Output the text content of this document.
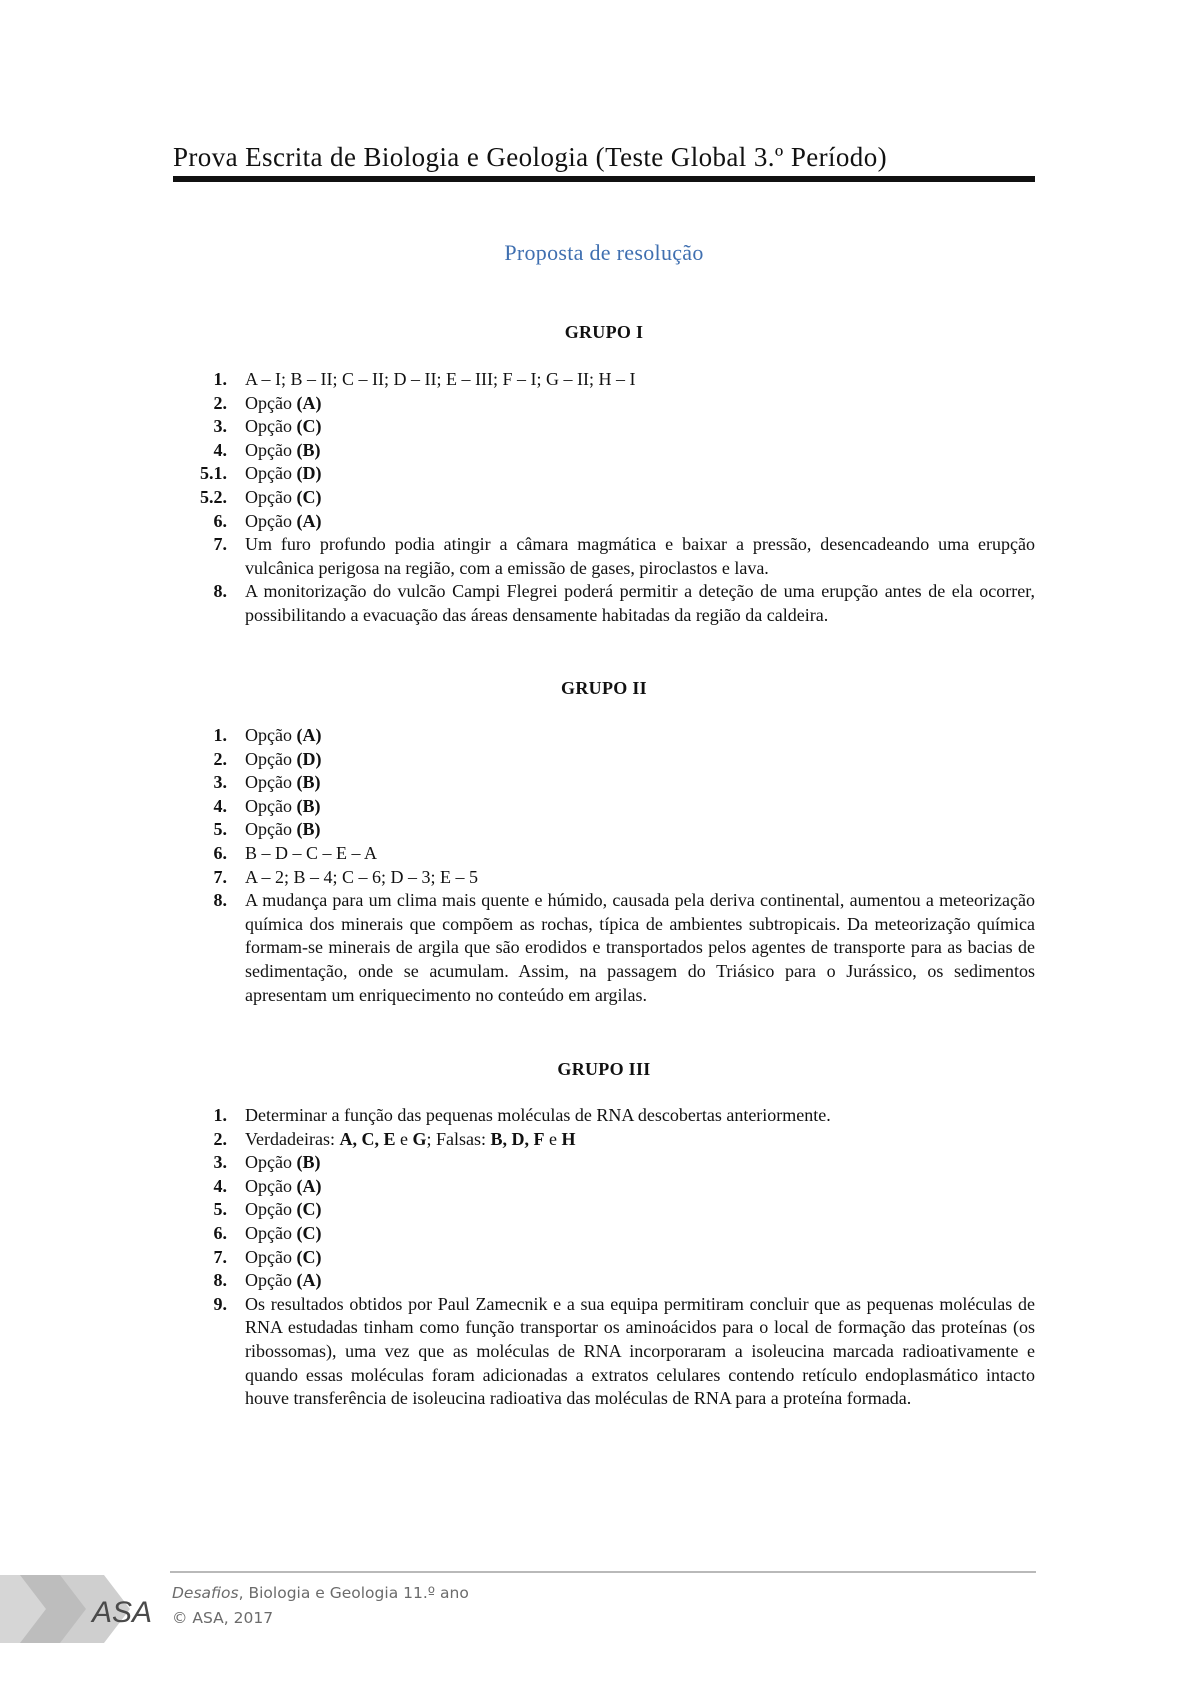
Prova Escrita de Biologia e Geologia (Teste Global 3.º Período)
Proposta de resolução
GRUPO I
1. A – I; B – II; C – II; D – II; E – III; F – I; G – II; H – I
2. Opção (A)
3. Opção (C)
4. Opção (B)
5.1. Opção (D)
5.2. Opção (C)
6. Opção (A)
7. Um furo profundo podia atingir a câmara magmática e baixar a pressão, desencadeando uma erupção vulcânica perigosa na região, com a emissão de gases, piroclastos e lava.
8. A monitorização do vulcão Campi Flegrei poderá permitir a deteção de uma erupção antes de ela ocorrer, possibilitando a evacuação das áreas densamente habitadas da região da caldeira.
GRUPO II
1. Opção (A)
2. Opção (D)
3. Opção (B)
4. Opção (B)
5. Opção (B)
6. B – D – C – E – A
7. A – 2; B – 4; C – 6; D – 3; E – 5
8. A mudança para um clima mais quente e húmido, causada pela deriva continental, aumentou a meteorização química dos minerais que compõem as rochas, típica de ambientes subtropicais. Da meteorização química formam-se minerais de argila que são erodidos e transportados pelos agentes de transporte para as bacias de sedimentação, onde se acumulam. Assim, na passagem do Triásico para o Jurássico, os sedimentos apresentam um enriquecimento no conteúdo em argilas.
GRUPO III
1. Determinar a função das pequenas moléculas de RNA descobertas anteriormente.
2. Verdadeiras: A, C, E e G; Falsas: B, D, F e H
3. Opção (B)
4. Opção (A)
5. Opção (C)
6. Opção (C)
7. Opção (C)
8. Opção (A)
9. Os resultados obtidos por Paul Zamecnik e a sua equipa permitiram concluir que as pequenas moléculas de RNA estudadas tinham como função transportar os aminoácidos para o local de formação das proteínas (os ribossomas), uma vez que as moléculas de RNA incorporaram a isoleucina marcada radioativamente e quando essas moléculas foram adicionadas a extratos celulares contendo retículo endoplasmático intacto houve transferência de isoleucina radioativa das moléculas de RNA para a proteína formada.
ASA
Desafios, Biologia e Geologia 11.º ano
© ASA, 2017
